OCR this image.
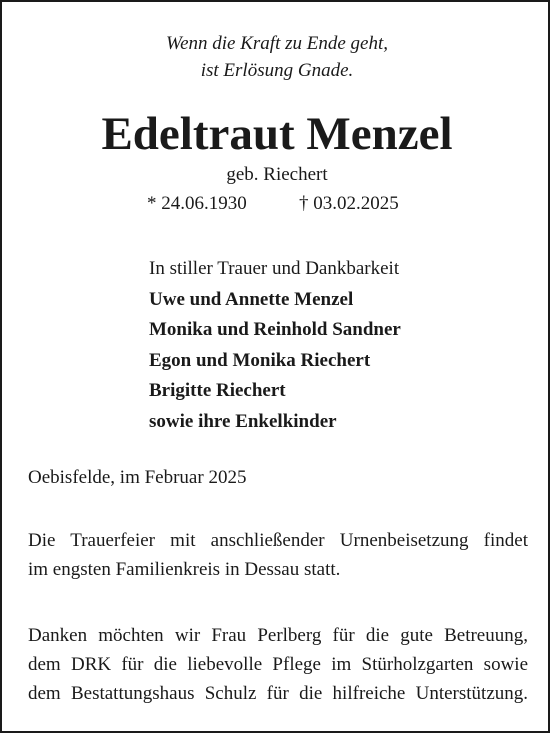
Wenn die Kraft zu Ende geht,
ist Erlösung Gnade.
Edeltraut Menzel
geb. Riechert
* 24.06.1930	† 03.02.2025
In stiller Trauer und Dankbarkeit
Uwe und Annette Menzel
Monika und Reinhold Sandner
Egon und Monika Riechert
Brigitte Riechert
sowie ihre Enkelkinder
Oebisfelde, im Februar 2025
Die Trauerfeier mit anschließender Urnenbeisetzung findet
im engsten Familienkreis in Dessau statt.
Danken möchten wir Frau Perlberg für die gute Betreuung,
dem DRK für die liebevolle Pflege im Stürholzgarten sowie
dem Bestattungshaus Schulz für die hilfreiche Unterstützung.
